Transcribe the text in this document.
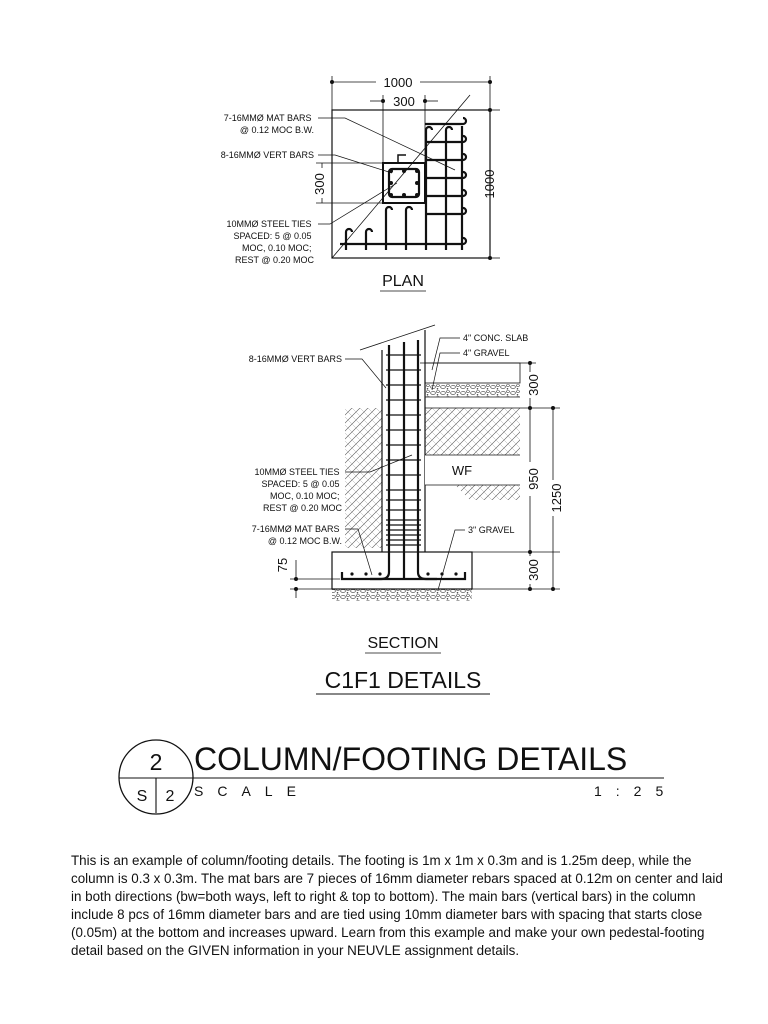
1000
300
300	1000
7-16MMØ MAT BARS @ 0.12 MOC B.W.
8-16MMØ VERT BARS
10MMØ STEEL TIES SPACED: 5 @ 0.05 MOC, 0.10 MOC; REST @ 0.20 MOC
PLAN
WF
300
950
1250
300
75
8-16MMØ VERT BARS
10MMØ STEEL TIES SPACED: 5 @ 0.05 MOC, 0.10 MOC; REST @ 0.20 MOC
7-16MMØ MAT BARS @ 0.12 MOC B.W.
4" CONC. SLAB
4" GRAVEL
3" GRAVEL
SECTION
C1F1 DETAILS
2
S 2
COLUMN/FOOTING DETAILS
SCALE	1:25

This is an example of column/footing details. The footing is 1m x 1m x 0.3m and is 1.25m deep, while the column is 0.3 x 0.3m. The mat bars are 7 pieces of 16mm diameter rebars spaced at 0.12m on center and laid in both directions (bw=both ways, left to right & top to bottom). The main bars (vertical bars) in the column include 8 pcs of 16mm diameter bars and are tied using 10mm diameter bars with spacing that starts close (0.05m) at the bottom and increases upward. Learn from this example and make your own pedestal-footing detail based on the GIVEN information in your NEUVLE assignment details.
